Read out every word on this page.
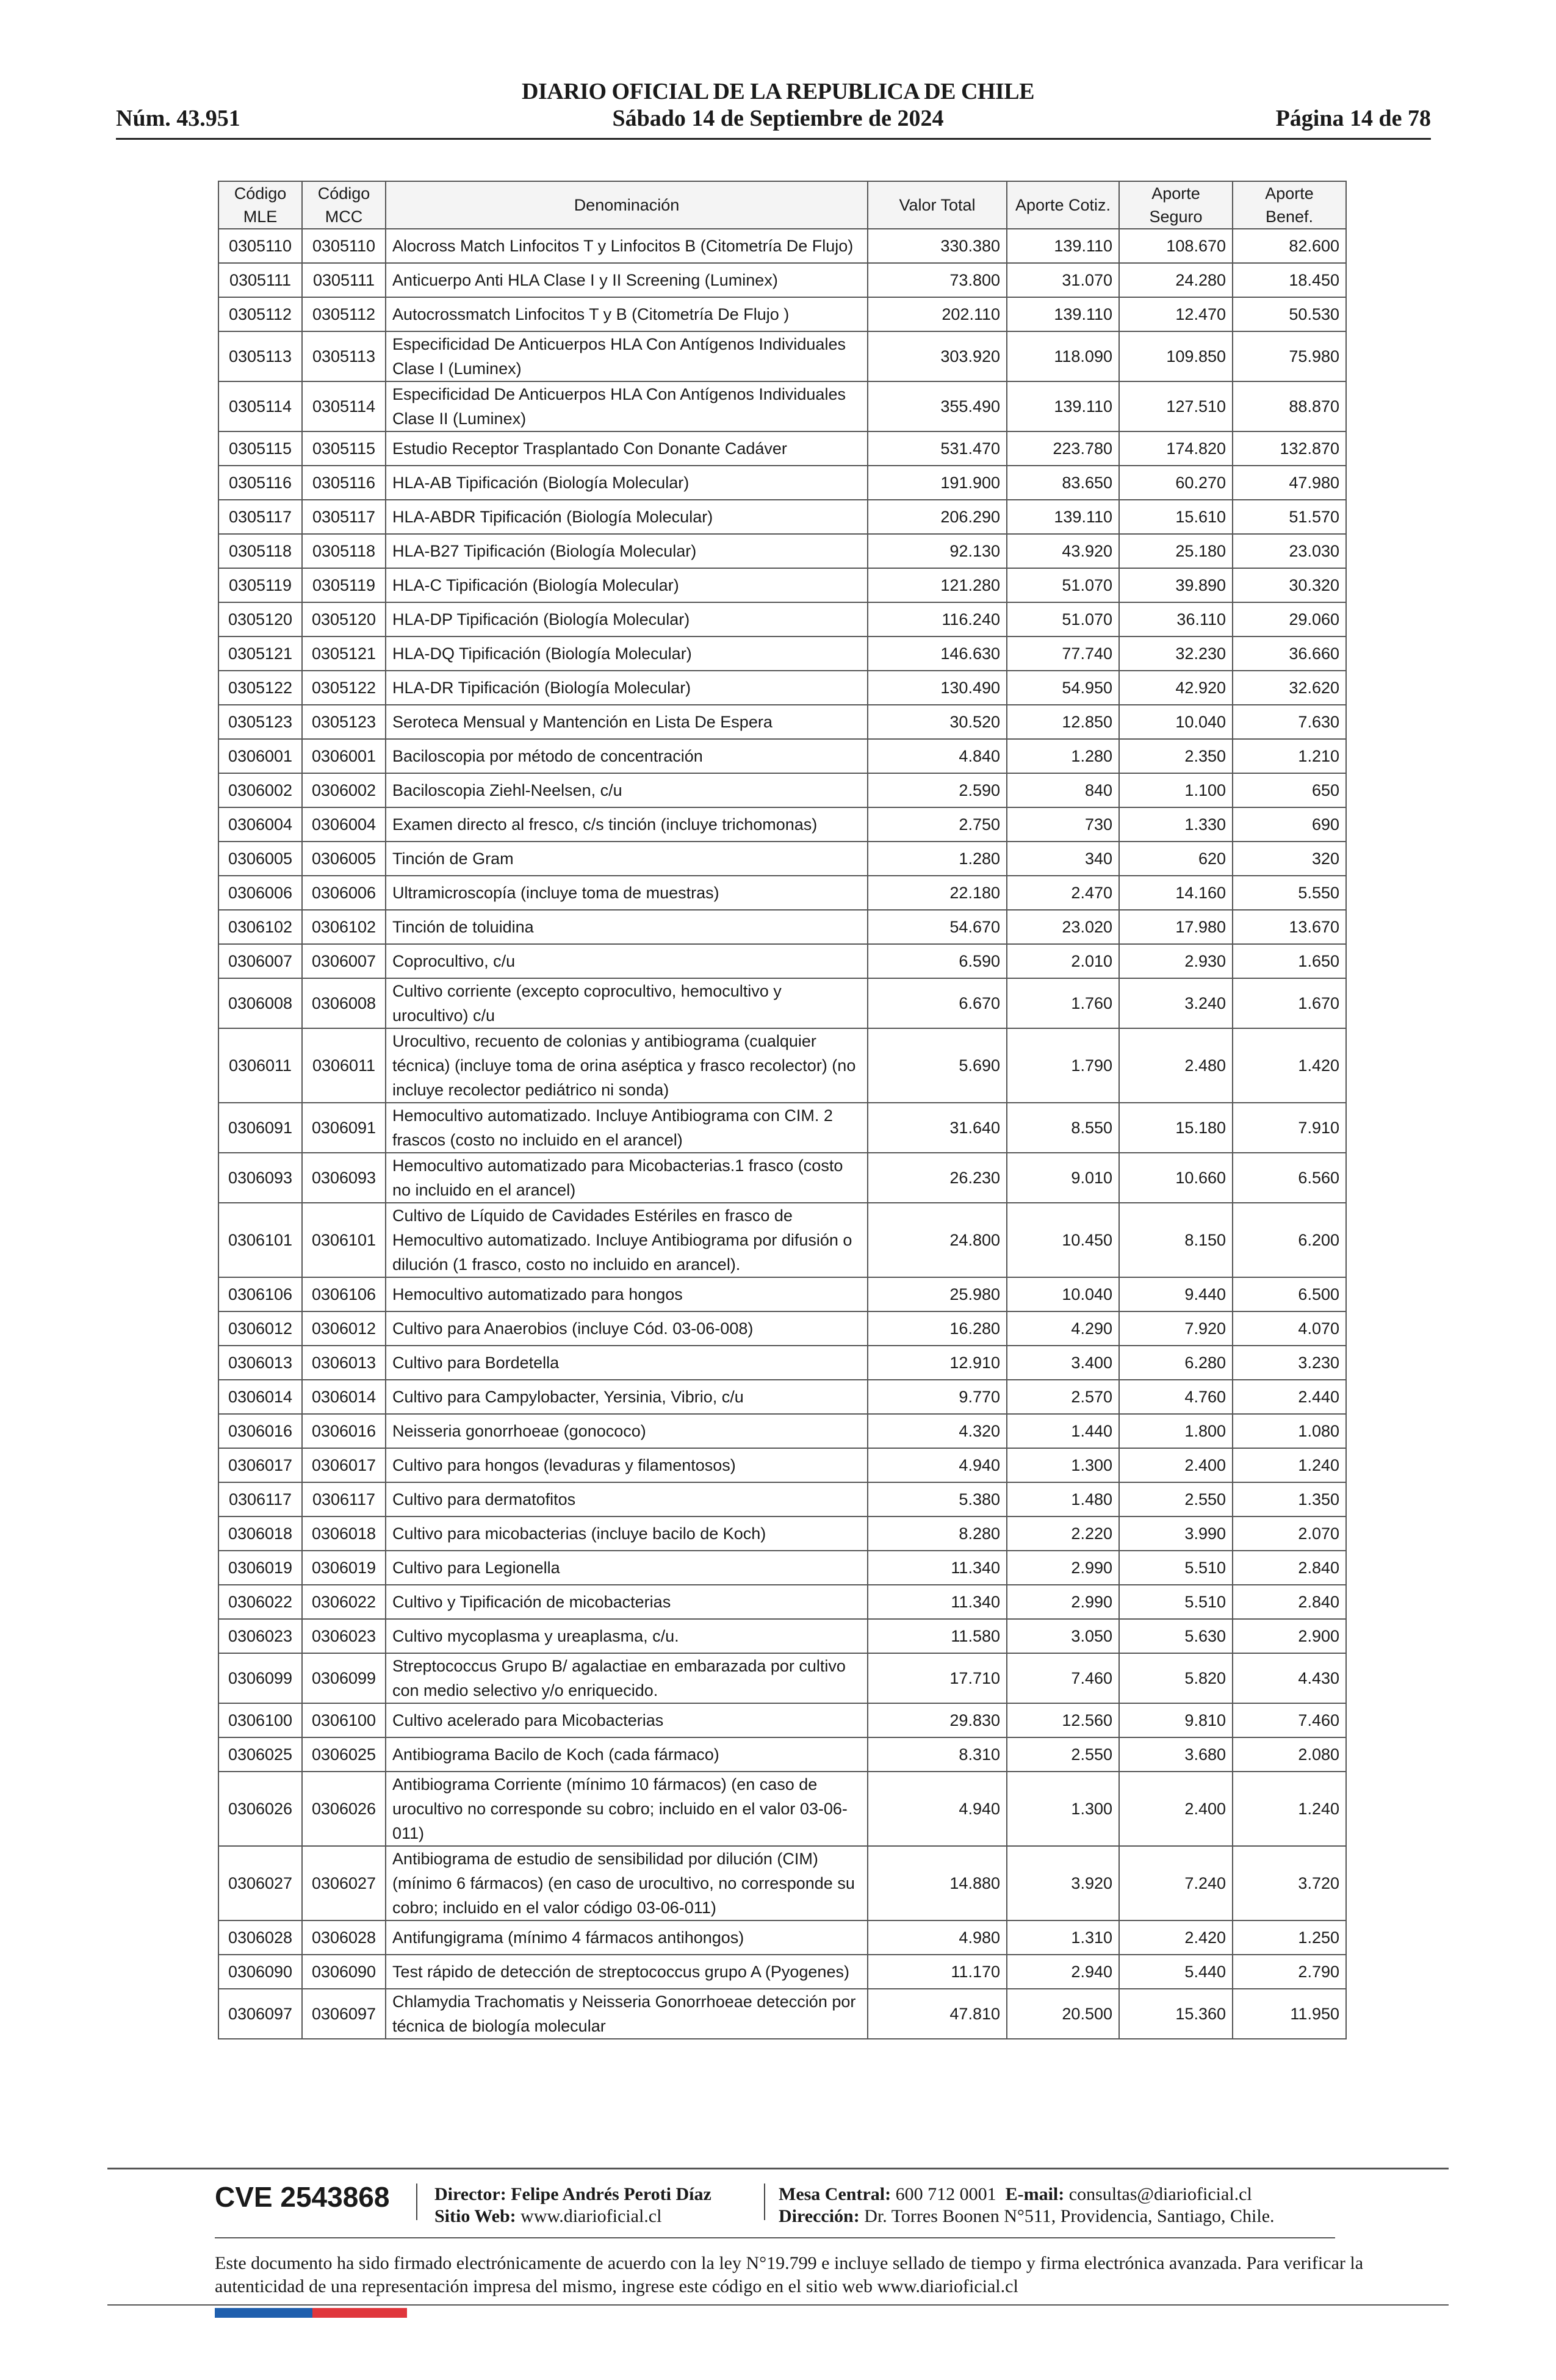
DIARIO OFICIAL DE LA REPUBLICA DE CHILE
Núm. 43.951	Sábado 14 de Septiembre de 2024	Página 14 de 78
Código MLE	Código MCC	Denominación	Valor Total	Aporte Cotiz.	Aporte Seguro	Aporte Benef.
0305110	0305110	Alocross Match Linfocitos T y Linfocitos B (Citometría De Flujo)	330.380	139.110	108.670	82.600
0305111	0305111	Anticuerpo Anti HLA Clase I y II Screening (Luminex)	73.800	31.070	24.280	18.450
0305112	0305112	Autocrossmatch Linfocitos T y B (Citometría De Flujo )	202.110	139.110	12.470	50.530
0305113	0305113	Especificidad De Anticuerpos HLA Con Antígenos Individuales Clase I (Luminex)	303.920	118.090	109.850	75.980
0305114	0305114	Especificidad De Anticuerpos HLA Con Antígenos Individuales Clase II (Luminex)	355.490	139.110	127.510	88.870
0305115	0305115	Estudio Receptor Trasplantado Con Donante Cadáver	531.470	223.780	174.820	132.870
0305116	0305116	HLA-AB Tipificación (Biología Molecular)	191.900	83.650	60.270	47.980
0305117	0305117	HLA-ABDR Tipificación (Biología Molecular)	206.290	139.110	15.610	51.570
0305118	0305118	HLA-B27 Tipificación (Biología Molecular)	92.130	43.920	25.180	23.030
0305119	0305119	HLA-C Tipificación (Biología Molecular)	121.280	51.070	39.890	30.320
0305120	0305120	HLA-DP Tipificación (Biología Molecular)	116.240	51.070	36.110	29.060
0305121	0305121	HLA-DQ Tipificación (Biología Molecular)	146.630	77.740	32.230	36.660
0305122	0305122	HLA-DR Tipificación (Biología Molecular)	130.490	54.950	42.920	32.620
0305123	0305123	Seroteca Mensual y Mantención en Lista De Espera	30.520	12.850	10.040	7.630
0306001	0306001	Baciloscopia por método de concentración	4.840	1.280	2.350	1.210
0306002	0306002	Baciloscopia Ziehl-Neelsen, c/u	2.590	840	1.100	650
0306004	0306004	Examen directo al fresco, c/s tinción (incluye trichomonas)	2.750	730	1.330	690
0306005	0306005	Tinción de Gram	1.280	340	620	320
0306006	0306006	Ultramicroscopía (incluye toma de muestras)	22.180	2.470	14.160	5.550
0306102	0306102	Tinción de toluidina	54.670	23.020	17.980	13.670
0306007	0306007	Coprocultivo, c/u	6.590	2.010	2.930	1.650
0306008	0306008	Cultivo corriente (excepto coprocultivo, hemocultivo y urocultivo) c/u	6.670	1.760	3.240	1.670
0306011	0306011	Urocultivo, recuento de colonias y antibiograma (cualquier técnica) (incluye toma de orina aséptica y frasco recolector) (no incluye recolector pediátrico ni sonda)	5.690	1.790	2.480	1.420
0306091	0306091	Hemocultivo automatizado. Incluye Antibiograma con CIM. 2 frascos (costo no incluido en el arancel)	31.640	8.550	15.180	7.910
0306093	0306093	Hemocultivo automatizado para Micobacterias.1 frasco (costo no incluido en el arancel)	26.230	9.010	10.660	6.560
0306101	0306101	Cultivo de Líquido de Cavidades Estériles en frasco de Hemocultivo automatizado. Incluye Antibiograma por difusión o dilución (1 frasco, costo no incluido en arancel).	24.800	10.450	8.150	6.200
0306106	0306106	Hemocultivo automatizado para hongos	25.980	10.040	9.440	6.500
0306012	0306012	Cultivo para Anaerobios (incluye Cód. 03-06-008)	16.280	4.290	7.920	4.070
0306013	0306013	Cultivo para Bordetella	12.910	3.400	6.280	3.230
0306014	0306014	Cultivo para Campylobacter, Yersinia, Vibrio, c/u	9.770	2.570	4.760	2.440
0306016	0306016	Neisseria gonorrhoeae (gonococo)	4.320	1.440	1.800	1.080
0306017	0306017	Cultivo para hongos (levaduras y filamentosos)	4.940	1.300	2.400	1.240
0306117	0306117	Cultivo para dermatofitos	5.380	1.480	2.550	1.350
0306018	0306018	Cultivo para micobacterias (incluye bacilo de Koch)	8.280	2.220	3.990	2.070
0306019	0306019	Cultivo para Legionella	11.340	2.990	5.510	2.840
0306022	0306022	Cultivo y Tipificación de micobacterias	11.340	2.990	5.510	2.840
0306023	0306023	Cultivo mycoplasma y ureaplasma, c/u.	11.580	3.050	5.630	2.900
0306099	0306099	Streptococcus Grupo B/ agalactiae en embarazada por cultivo con medio selectivo y/o enriquecido.	17.710	7.460	5.820	4.430
0306100	0306100	Cultivo acelerado para Micobacterias	29.830	12.560	9.810	7.460
0306025	0306025	Antibiograma Bacilo de Koch (cada fármaco)	8.310	2.550	3.680	2.080
0306026	0306026	Antibiograma Corriente (mínimo 10 fármacos) (en caso de urocultivo no corresponde su cobro; incluido en el valor 03-06-011)	4.940	1.300	2.400	1.240
0306027	0306027	Antibiograma de estudio de sensibilidad por dilución (CIM) (mínimo 6 fármacos) (en caso de urocultivo, no corresponde su cobro; incluido en el valor código 03-06-011)	14.880	3.920	7.240	3.720
0306028	0306028	Antifungigrama (mínimo 4 fármacos antihongos)	4.980	1.310	2.420	1.250
0306090	0306090	Test rápido de detección de streptococcus grupo A (Pyogenes)	11.170	2.940	5.440	2.790
0306097	0306097	Chlamydia Trachomatis y Neisseria Gonorrhoeae detección por técnica de biología molecular	47.810	20.500	15.360	11.950
CVE 2543868 Director: Felipe Andrés Peroti Díaz
Sitio Web: www.diarioficial.cl
Mesa Central: 600 712 0001 E-mail: consultas@diarioficial.cl
Dirección: Dr. Torres Boonen N°511, Providencia, Santiago, Chile.
Este documento ha sido firmado electrónicamente de acuerdo con la ley N°19.799 e incluye sellado de tiempo y firma electrónica avanzada. Para verificar la autenticidad de una representación impresa del mismo, ingrese este código en el sitio web www.diarioficial.cl
